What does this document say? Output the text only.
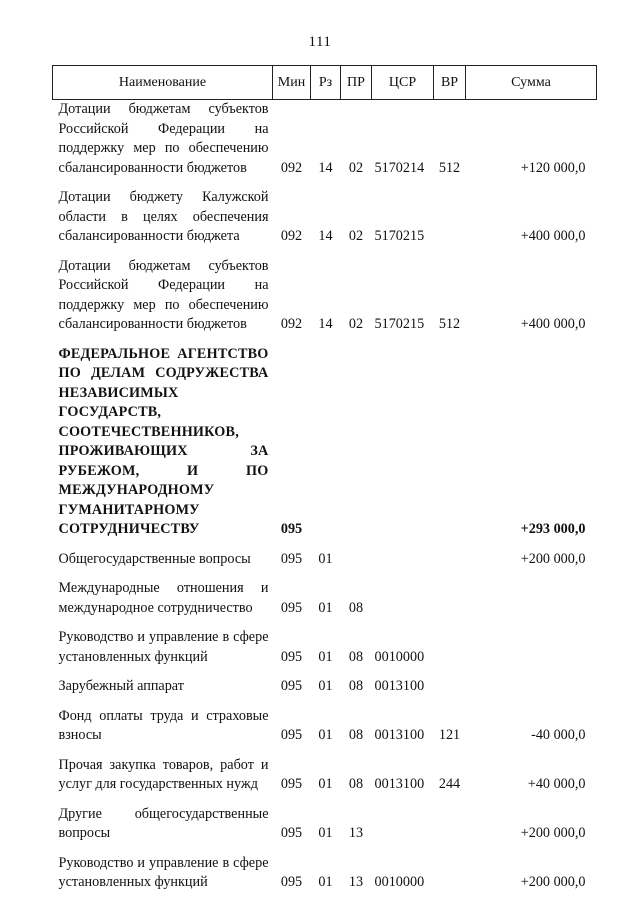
111
Наименование	Мин	Рз	ПР	ЦСР	ВР	Сумма
Дотации бюджетам субъектов Российской Федерации на поддержку мер по обеспечению сбалансированности бюджетов	092	14	02	5170214	512	+120 000,0

Дотации бюджету Калужской области в целях обеспечения сбалансированности бюджета	092	14	02	5170215		+400 000,0

Дотации бюджетам субъектов Российской Федерации на поддержку мер по обеспечению сбалансированности бюджетов	092	14	02	5170215	512	+400 000,0

ФЕДЕРАЛЬНОЕ АГЕНТСТВО ПО ДЕЛАМ СОДРУЖЕСТВА НЕЗАВИСИМЫХ ГОСУДАРСТВ, СООТЕЧЕСТВЕННИКОВ, ПРОЖИВАЮЩИХ ЗА РУБЕЖОМ, И ПО МЕЖДУНАРОДНОМУ ГУМАНИТАРНОМУ СОТРУДНИЧЕСТВУ	095					+293 000,0

Общегосударственные вопросы	095	01				+200 000,0

Международные отношения и международное сотрудничество	095	01	08			

Руководство и управление в сфере установленных функций	095	01	08	0010000		

Зарубежный аппарат	095	01	08	0013100		

Фонд оплаты труда и страховые взносы	095	01	08	0013100	121	-40 000,0

Прочая закупка товаров, работ и услуг для государственных нужд	095	01	08	0013100	244	+40 000,0

Другие общегосударственные вопросы	095	01	13			+200 000,0

Руководство и управление в сфере установленных функций	095	01	13	0010000		+200 000,0
